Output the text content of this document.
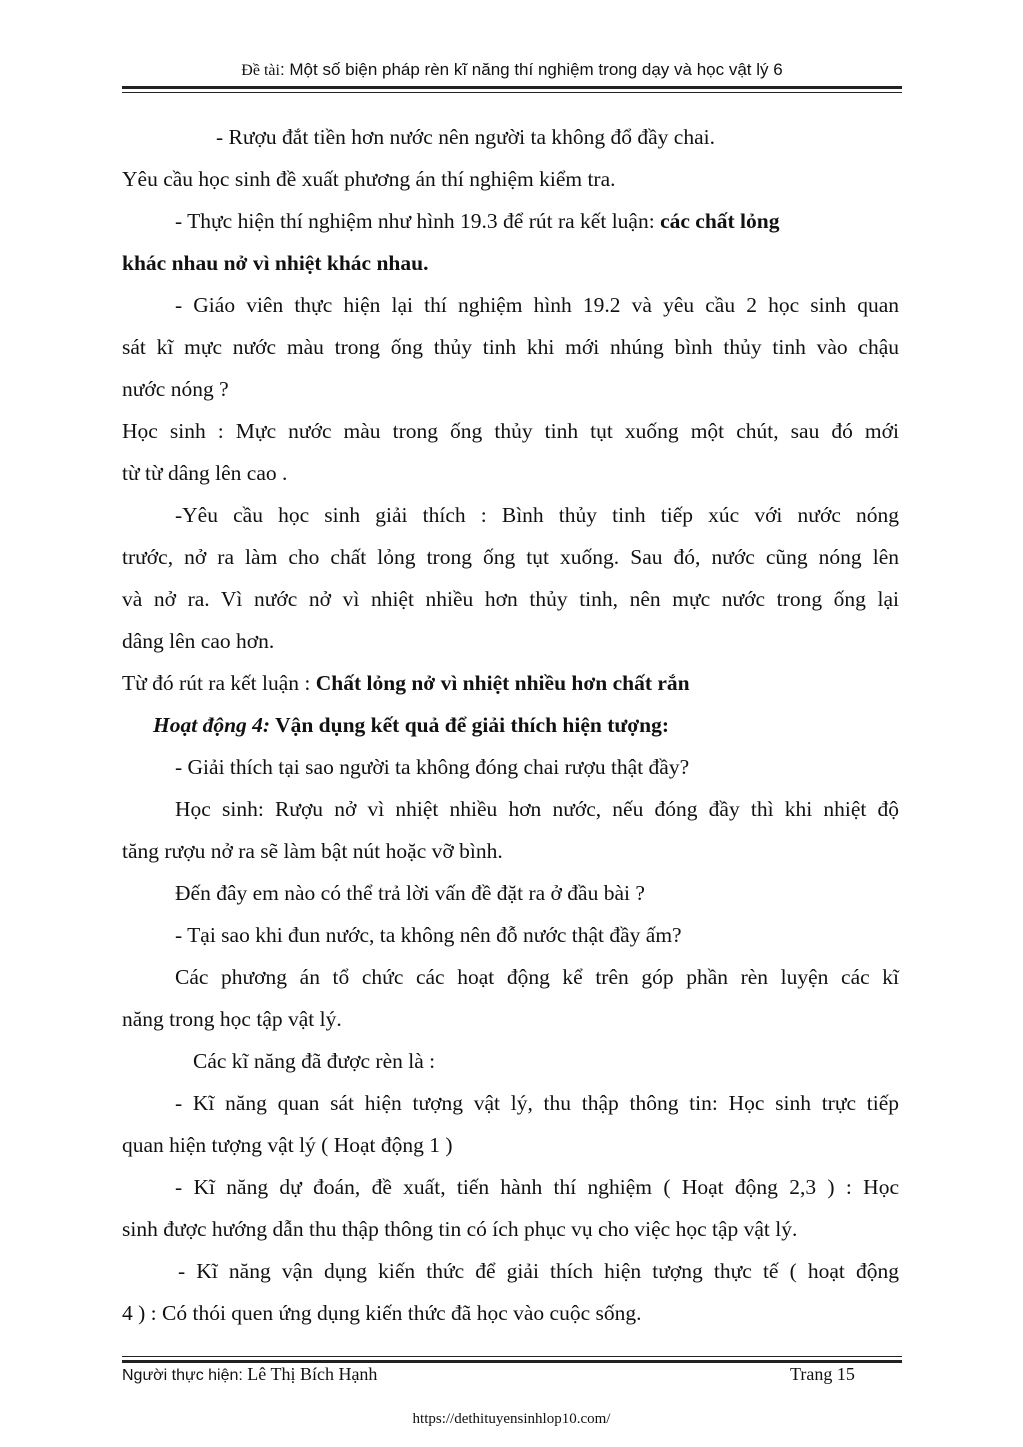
Đề tài: Một số biện pháp rèn kĩ năng thí nghiệm trong dạy và học vật lý 6
- Rượu đắt tiền hơn nước nên người ta không đổ đầy chai.
Yêu cầu học sinh đề xuất phương án thí nghiệm kiểm tra.
- Thực hiện thí nghiệm như hình 19.3 để rút ra kết luận: các chất lỏng
khác nhau nở vì nhiệt khác nhau.
- Giáo viên thực hiện lại thí nghiệm hình 19.2 và yêu cầu 2 học sinh quan
sát kĩ mực nước màu trong ống thủy tinh khi mới nhúng bình thủy tinh vào chậu
nước nóng ?
Học sinh : Mực nước màu trong ống thủy tinh tụt xuống một chút, sau đó mới
từ từ dâng lên cao .
-Yêu cầu học sinh giải thích : Bình thủy tinh tiếp xúc với nước nóng
trước, nở ra làm cho chất lỏng trong ống tụt xuống. Sau đó, nước cũng nóng lên
và nở ra. Vì nước nở vì nhiệt nhiều hơn thủy tinh, nên mực nước trong ống lại
dâng lên cao hơn.
Từ đó rút ra kết luận : Chất lỏng nở vì nhiệt nhiều hơn chất rắn
Hoạt động 4: Vận dụng kết quả để giải thích hiện tượng:
- Giải thích tại sao người ta không đóng chai rượu thật đầy?
Học sinh: Rượu nở vì nhiệt nhiều hơn nước, nếu đóng đầy thì khi nhiệt độ
tăng rượu nở ra sẽ làm bật nút hoặc vỡ bình.
Đến đây em nào có thể trả lời vấn đề đặt ra ở đầu bài ?
- Tại sao khi đun nước, ta không nên đỗ nước thật đầy ấm?
Các phương án tổ chức các hoạt động kể trên góp phần rèn luyện các kĩ
năng trong học tập vật lý.
Các kĩ năng đã được rèn là :
- Kĩ năng quan sát hiện tượng vật lý, thu thập thông tin: Học sinh trực tiếp
quan hiện tượng vật lý ( Hoạt động 1 )
- Kĩ năng dự đoán, đề xuất, tiến hành thí nghiệm ( Hoạt động 2,3 ) : Học
sinh được hướng dẫn thu thập thông tin có ích phục vụ cho việc học tập vật lý.
- Kĩ năng vận dụng kiến thức để giải thích hiện tượng thực tế ( hoạt động
4 ) : Có thói quen ứng dụng kiến thức đã học vào cuộc sống.
Người thực hiện: Lê Thị Bích Hạnh	Trang 15
https://dethituyensinhlop10.com/
